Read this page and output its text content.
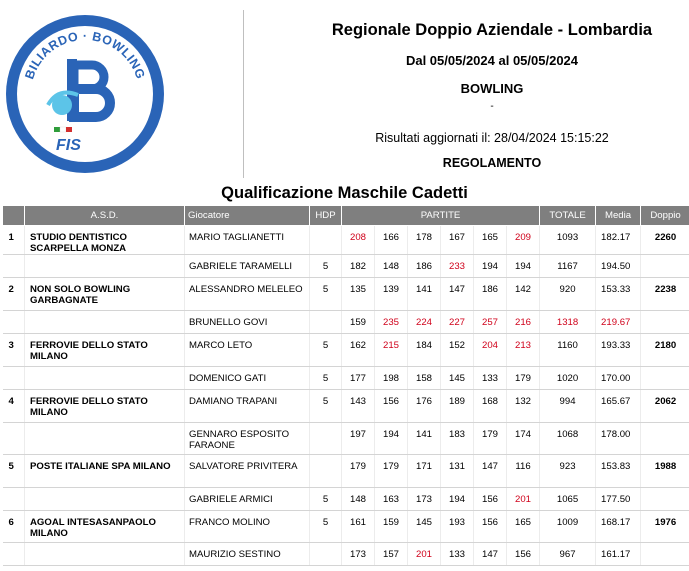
BILIARDO · BOWLING
FIS
Regionale Doppio Aziendale - Lombardia
Dal 05/05/2024 al 05/05/2024
BOWLING
-
Risultati aggiornati il: 28/04/2024 15:15:22
REGOLAMENTO
Qualificazione Maschile Cadetti
	A.S.D.	Giocatore	HDP	PARTITE						TOTALE	Media	Doppio
1	STUDIO DENTISTICO SCARPELLA MONZA	MARIO TAGLIANETTI		208	166	178	167	165	209	1093	182.17	2260
		GABRIELE TARAMELLI	5	182	148	186	233	194	194	1167	194.50	
2	NON SOLO BOWLING GARBAGNATE	ALESSANDRO MELELEO	5	135	139	141	147	186	142	920	153.33	2238
		BRUNELLO GOVI		159	235	224	227	257	216	1318	219.67	
3	FERROVIE DELLO STATO MILANO	MARCO LETO	5	162	215	184	152	204	213	1160	193.33	2180
		DOMENICO GATI	5	177	198	158	145	133	179	1020	170.00	
4	FERROVIE DELLO STATO MILANO	DAMIANO TRAPANI	5	143	156	176	189	168	132	994	165.67	2062
		GENNARO ESPOSITO FARAONE		197	194	141	183	179	174	1068	178.00	
5	POSTE ITALIANE SPA MILANO	SALVATORE PRIVITERA		179	179	171	131	147	116	923	153.83	1988
		GABRIELE ARMICI	5	148	163	173	194	156	201	1065	177.50	
6	AGOAL INTESASANPAOLO MILANO	FRANCO MOLINO	5	161	159	145	193	156	165	1009	168.17	1976
		MAURIZIO SESTINO		173	157	201	133	147	156	967	161.17	
